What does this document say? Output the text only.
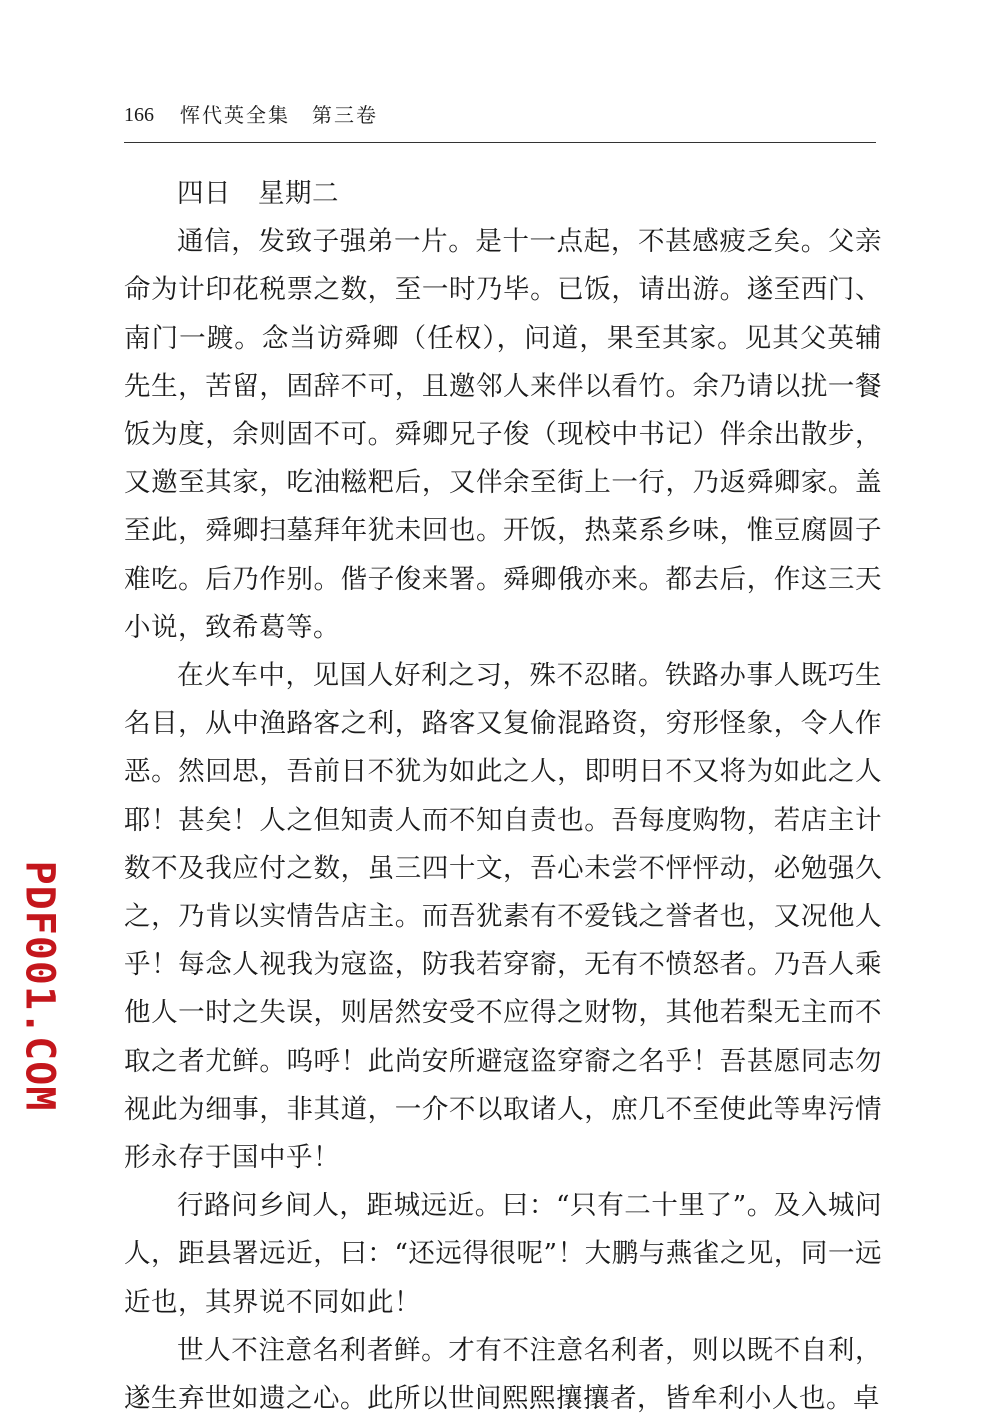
166 恽代英全集　第三卷

四日　星期二

通信，发致子强弟一片。是十一点起，不甚感疲乏矣。父亲命为计印花税票之数，至一时乃毕。已饭，请出游。遂至西门、南门一踱。念当访舜卿（任权），问道，果至其家。见其父英辅先生，苦留，固辞不可，且邀邻人来伴以看竹。余乃请以扰一餐饭为度，余则固不可。舜卿兄子俊（现校中书记）伴余出散步，又邀至其家，吃油糍粑后，又伴余至街上一行，乃返舜卿家。盖至此，舜卿扫墓拜年犹未回也。开饭，热菜系乡味，惟豆腐圆子难吃。后乃作别。偕子俊来署。舜卿俄亦来。都去后，作这三天小说，致希葛等。

在火车中，见国人好利之习，殊不忍睹。铁路办事人既巧生名目，从中渔路客之利，路客又复偷混路资，穷形怪象，令人作恶。然回思，吾前日不犹为如此之人，即明日不又将为如此之人耶！甚矣！人之但知责人而不知自责也。吾每度购物，若店主计数不及我应付之数，虽三四十文，吾心未尝不怦怦动，必勉强久之，乃肯以实情告店主。而吾犹素有不爱钱之誉者也，又况他人乎！每念人视我为寇盗，防我若穿窬，无有不愤怒者。乃吾人乘他人一时之失误，则居然安受不应得之财物，其他若梨无主而不取之者尤鲜。呜呼！此尚安所避寇盗穿窬之名乎！吾甚愿同志勿视此为细事，非其道，一介不以取诸人，庶几不至使此等卑污情形永存于国中乎！

行路问乡间人，距城远近。曰：“只有二十里了”。及入城问人，距县署远近，曰：“还远得很呢”！大鹏与燕雀之见，同一远近也，其界说不同如此！

世人不注意名利者鲜。才有不注意名利者，则以既不自利，遂生弃世如遗之心。此所以世间熙熙攘攘者，皆牟利小人也。卓

PDF001.COM
